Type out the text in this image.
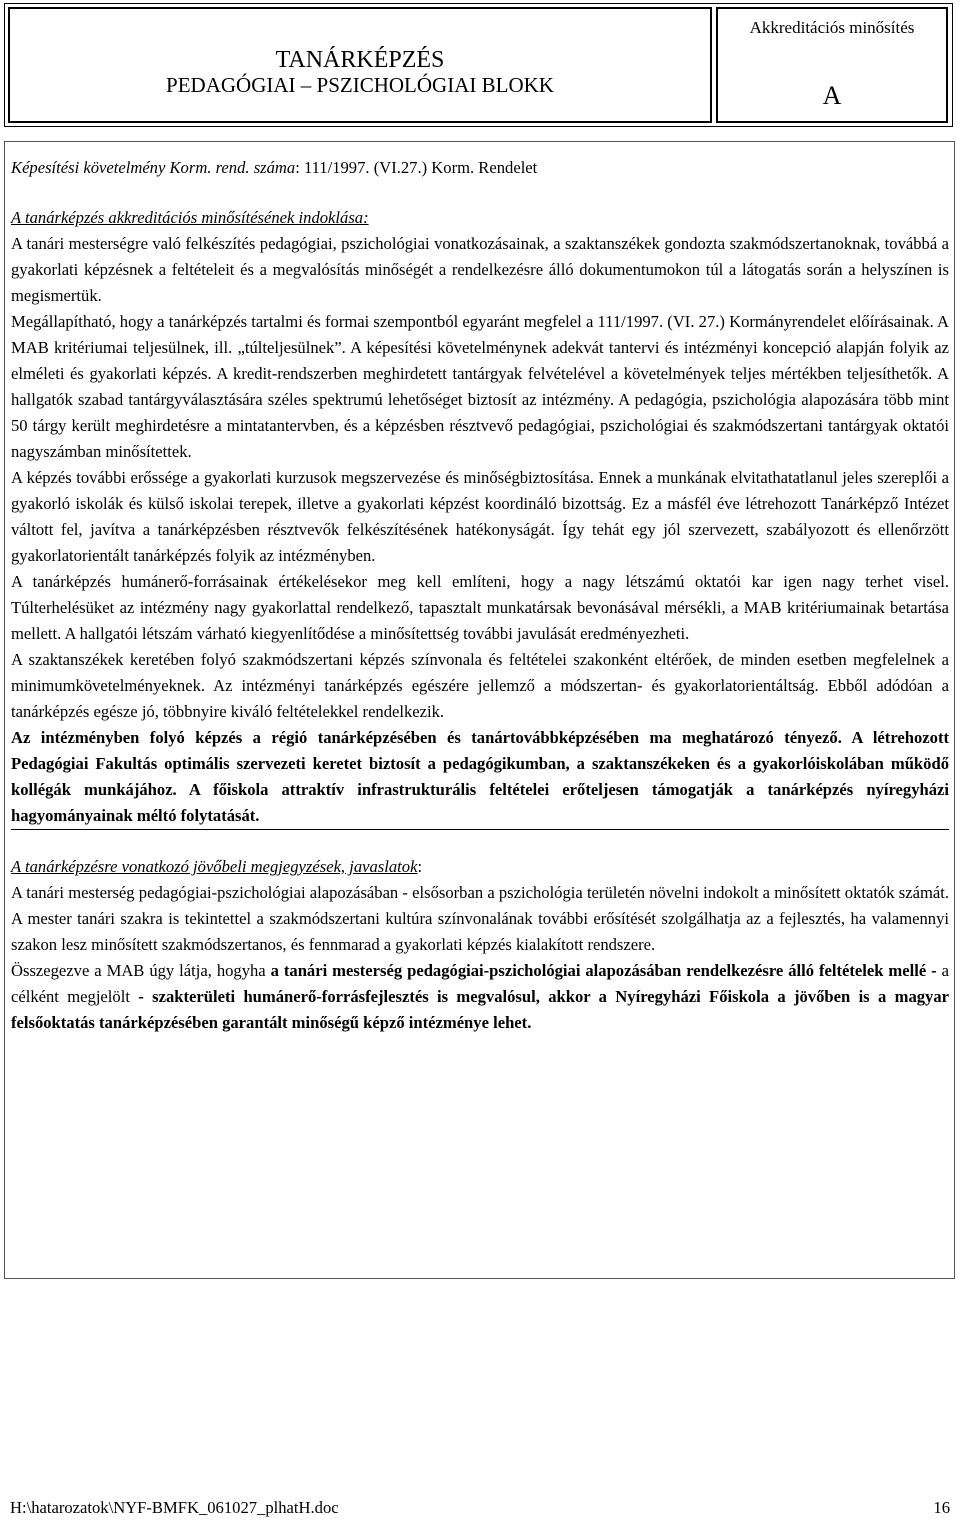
TANÁRKÉPZÉS
PEDAGÓGIAI – PSZICHOLÓGIAI BLOKK
Akkreditációs minősítés
A

Képesítési követelmény Korm. rend. száma: 111/1997. (VI.27.) Korm. Rendelet

A tanárképzés akkreditációs minősítésének indoklása:

A tanári mesterségre való felkészítés pedagógiai, pszichológiai vonatkozásainak, a szaktanszékek gondozta szakmódszertanoknak, továbbá a gyakorlati képzésnek a feltételeit és a megvalósítás minőségét a rendelkezésre álló dokumentumokon túl a látogatás során a helyszínen is megismertük.

Megállapítható, hogy a tanárképzés tartalmi és formai szempontból egyaránt megfelel a 111/1997. (VI. 27.) Kormányrendelet előírásainak. A MAB kritériumai teljesülnek, ill. „túlteljesülnek”. A képesítési követelménynek adekvát tantervi és intézményi koncepció alapján folyik az elméleti és gyakorlati képzés. A kredit-rendszerben meghirdetett tantárgyak felvételével a követelmények teljes mértékben teljesíthetők. A hallgatók szabad tantárgyválasztására széles spektrumú lehetőséget biztosít az intézmény. A pedagógia, pszichológia alapozására több mint 50 tárgy került meghirdetésre a mintatantervben, és a képzésben résztvevő pedagógiai, pszichológiai és szakmódszertani tantárgyak oktatói nagyszámban minősítettek.

A képzés további erőssége a gyakorlati kurzusok megszervezése és minőségbiztosítása. Ennek a munkának elvitathatatlanul jeles szereplői a gyakorló iskolák és külső iskolai terepek, illetve a gyakorlati képzést koordináló bizottság. Ez a másfél éve létrehozott Tanárképző Intézet váltott fel, javítva a tanárképzésben résztvevők felkészítésének hatékonyságát. Így tehát egy jól szervezett, szabályozott és ellenőrzött gyakorlatorientált tanárképzés folyik az intézményben.

A tanárképzés humánerő-forrásainak értékelésekor meg kell említeni, hogy a nagy létszámú oktatói kar igen nagy terhet visel. Túlterhelésüket az intézmény nagy gyakorlattal rendelkező, tapasztalt munkatársak bevonásával mérsékli, a MAB kritériumainak betartása mellett. A hallgatói létszám várható kiegyenlítődése a minősítettség további javulását eredményezheti.

A szaktanszékek keretében folyó szakmódszertani képzés színvonala és feltételei szakonként eltérőek, de minden esetben megfelelnek a minimumkövetelményeknek. Az intézményi tanárképzés egészére jellemző a módszertan- és gyakorlatorientáltság. Ebből adódóan a tanárképzés egésze jó, többnyire kiváló feltételekkel rendelkezik.

Az intézményben folyó képzés a régió tanárképzésében és tanártovábbképzésében ma meghatározó tényező. A létrehozott Pedagógiai Fakultás optimális szervezeti keretet biztosít a pedagógikumban, a szaktanszékeken és a gyakorlóiskolában működő kollégák munkájához. A főiskola attraktív infrastrukturális feltételei erőteljesen támogatják a tanárképzés nyíregyházi hagyományainak méltó folytatását.

A tanárképzésre vonatkozó jövőbeli megjegyzések, javaslatok:

A tanári mesterség pedagógiai-pszichológiai alapozásában - elsősorban a pszichológia területén növelni indokolt a minősített oktatók számát. A mester tanári szakra is tekintettel a szakmódszertani kultúra színvonalának további erősítését szolgálhatja az a fejlesztés, ha valamennyi szakon lesz minősített szakmódszertanos, és fennmarad a gyakorlati képzés kialakított rendszere.

Összegezve a MAB úgy látja, hogyha a tanári mesterség pedagógiai-pszichológiai alapozásában rendelkezésre álló feltételek mellé - a célként megjelölt - szakterületi humánerő-forrásfejlesztés is megvalósul, akkor a Nyíregyházi Főiskola a jövőben is a magyar felsőoktatás tanárképzésében garantált minőségű képző intézménye lehet.

H:\hatarozatok\NYF-BMFK_061027_plhatH.doc	16
